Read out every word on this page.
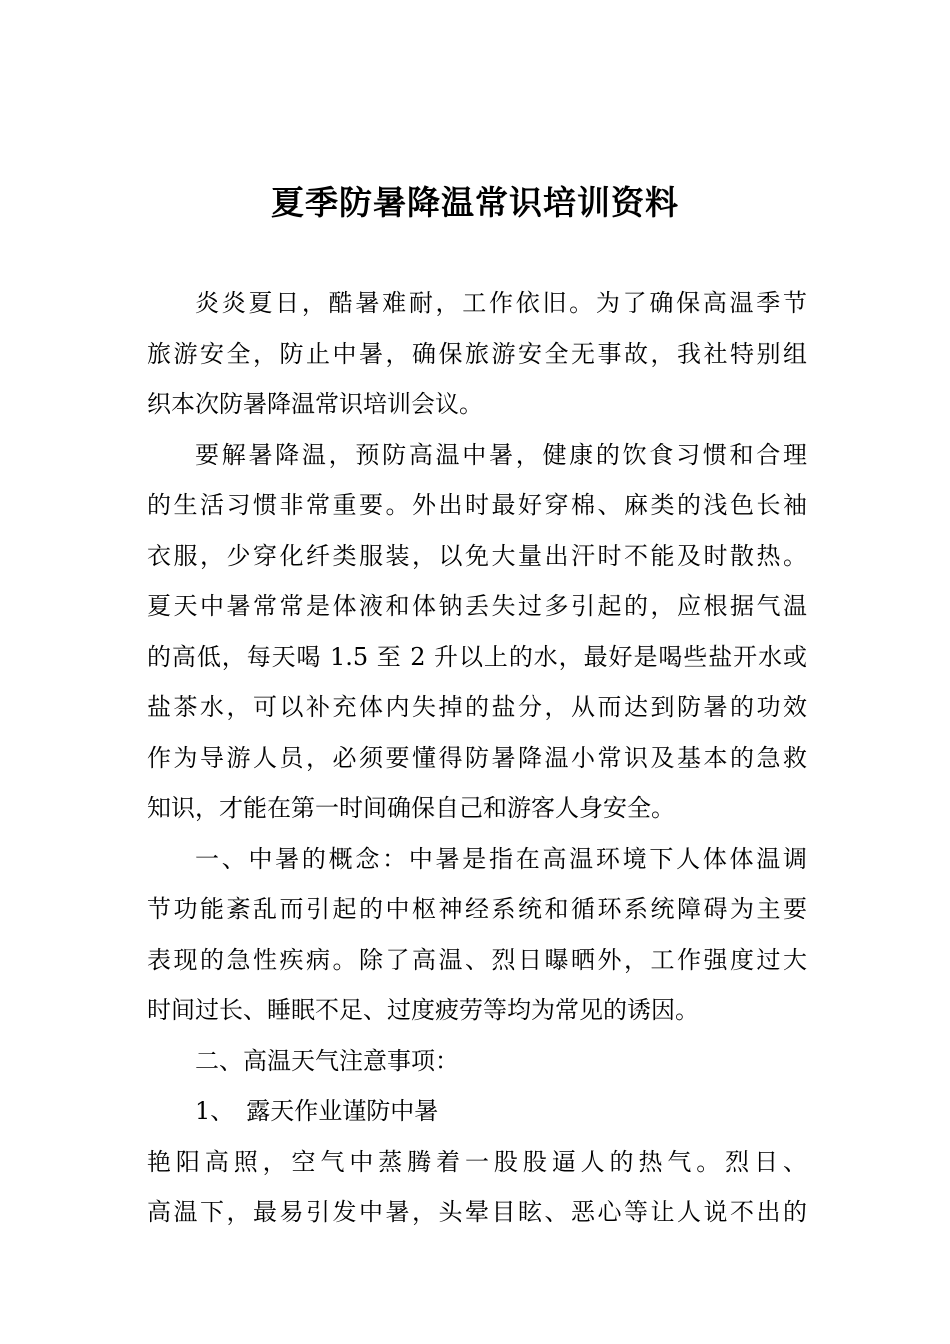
夏季防暑降温常识培训资料
炎炎夏日，酷暑难耐，工作依旧。为了确保高温季节
旅游安全，防止中暑，确保旅游安全无事故，我社特别组
织本次防暑降温常识培训会议。
要解暑降温，预防高温中暑，健康的饮食习惯和合理
的生活习惯非常重要。外出时最好穿棉、麻类的浅色长袖
衣服，少穿化纤类服装，以免大量出汗时不能及时散热。
夏天中暑常常是体液和体钠丢失过多引起的，应根据气温
的高低，每天喝 1.5 至 2 升以上的水，最好是喝些盐开水或
盐茶水，可以补充体内失掉的盐分，从而达到防暑的功效
作为导游人员，必须要懂得防暑降温小常识及基本的急救
知识，才能在第一时间确保自己和游客人身安全。
一、中暑的概念：中暑是指在高温环境下人体体温调
节功能紊乱而引起的中枢神经系统和循环系统障碍为主要
表现的急性疾病。除了高温、烈日曝晒外，工作强度过大
时间过长、睡眠不足、过度疲劳等均为常见的诱因。
二、高温天气注意事项：
1、　露天作业谨防中暑
艳阳高照，空气中蒸腾着一股股逼人的热气。烈日、
高温下，最易引发中暑，头晕目眩、恶心等让人说不出的
